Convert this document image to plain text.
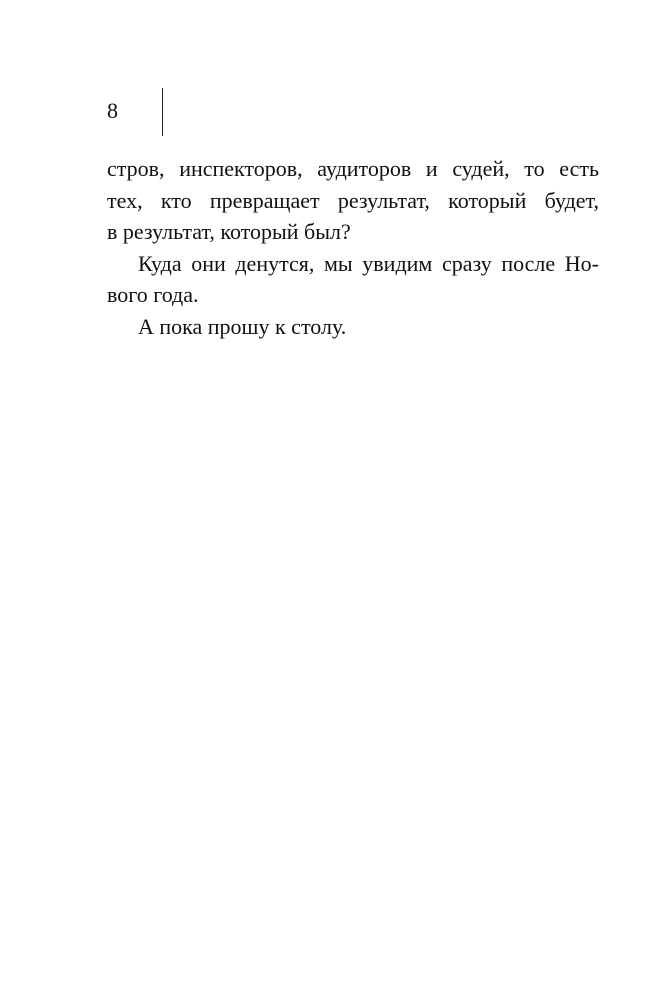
8
стров, инспекторов, аудиторов и судей, то есть
тех, кто превращает результат, который будет,
в результат, который был?
Куда они денутся, мы увидим сразу после Но-
вого года.
А пока прошу к столу.
